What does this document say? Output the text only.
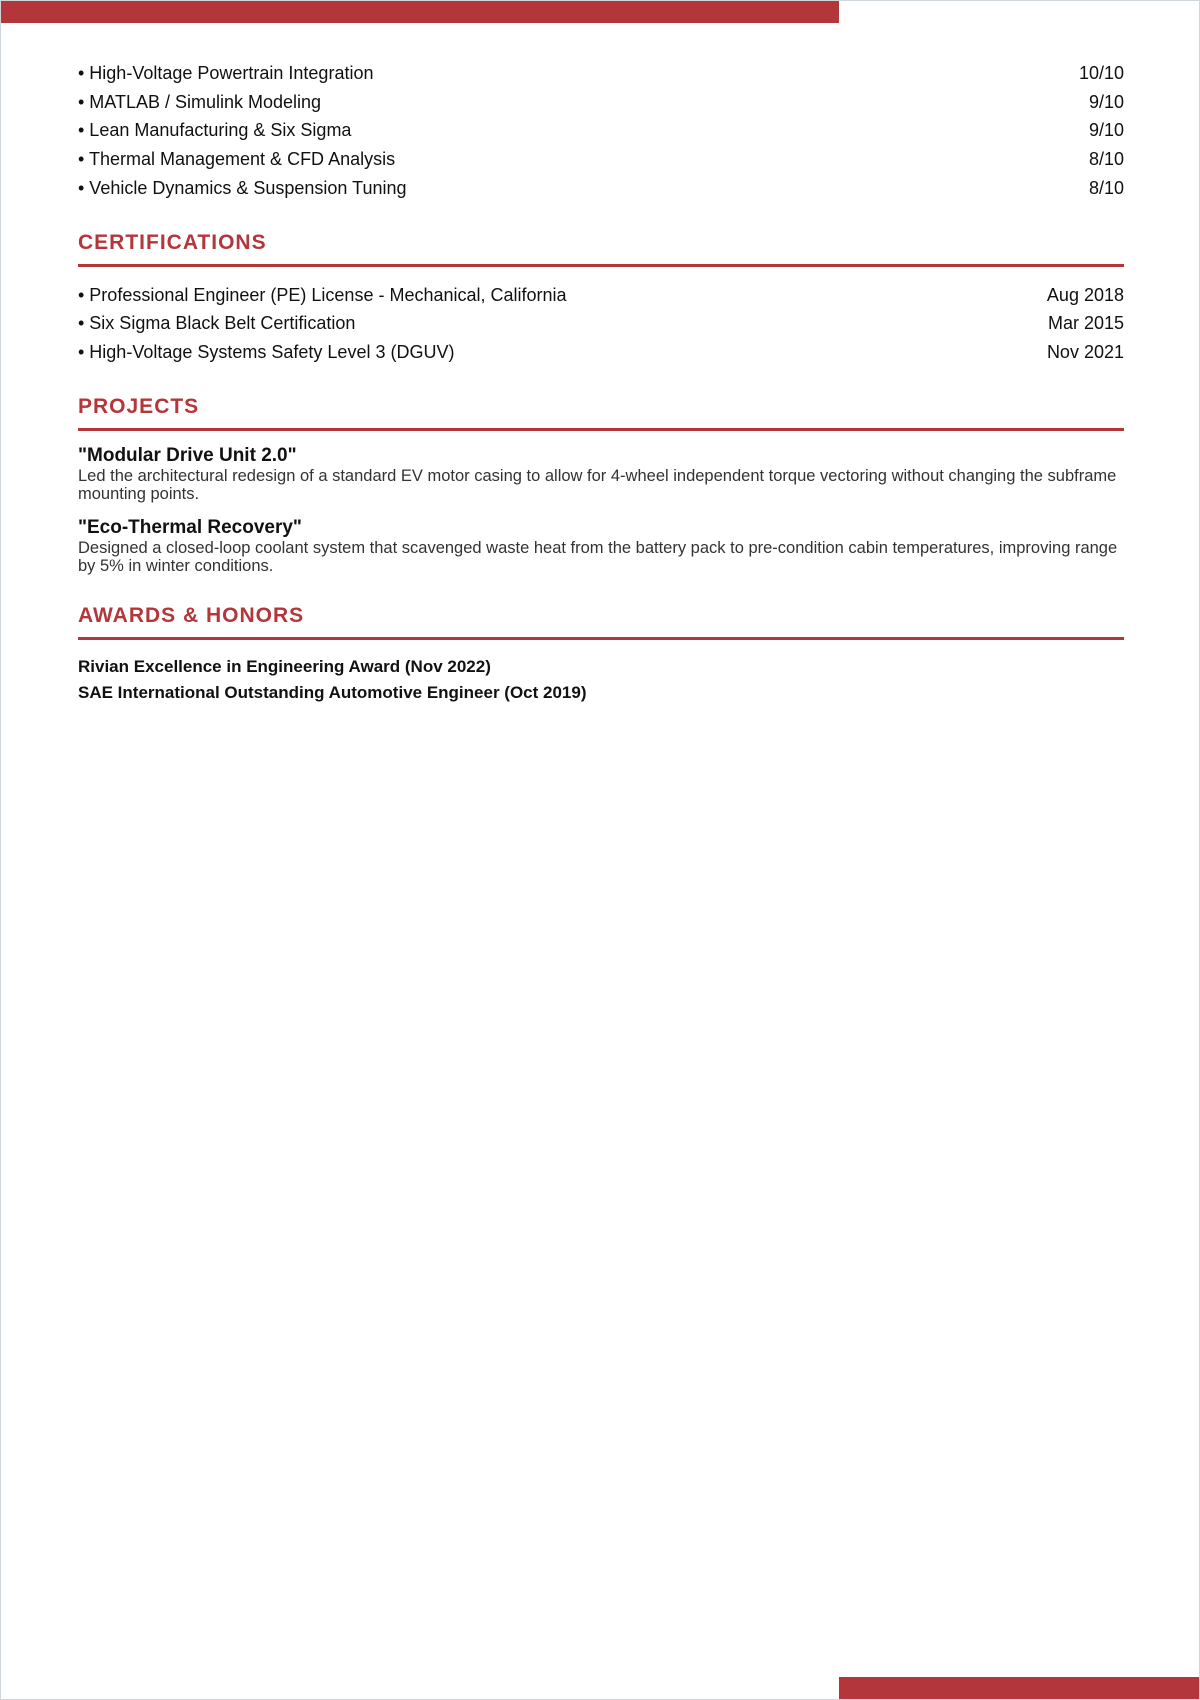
• High-Voltage Powertrain Integration	10/10
• MATLAB / Simulink Modeling	9/10
• Lean Manufacturing & Six Sigma	9/10
• Thermal Management & CFD Analysis	8/10
• Vehicle Dynamics & Suspension Tuning	8/10
CERTIFICATIONS
• Professional Engineer (PE) License - Mechanical, California	Aug 2018
• Six Sigma Black Belt Certification	Mar 2015
• High-Voltage Systems Safety Level 3 (DGUV)	Nov 2021
PROJECTS
"Modular Drive Unit 2.0"
Led the architectural redesign of a standard EV motor casing to allow for 4-wheel independent torque vectoring without changing the subframe mounting points.
"Eco-Thermal Recovery"
Designed a closed-loop coolant system that scavenged waste heat from the battery pack to pre-condition cabin temperatures, improving range by 5% in winter conditions.
AWARDS & HONORS
Rivian Excellence in Engineering Award (Nov 2022)
SAE International Outstanding Automotive Engineer (Oct 2019)
